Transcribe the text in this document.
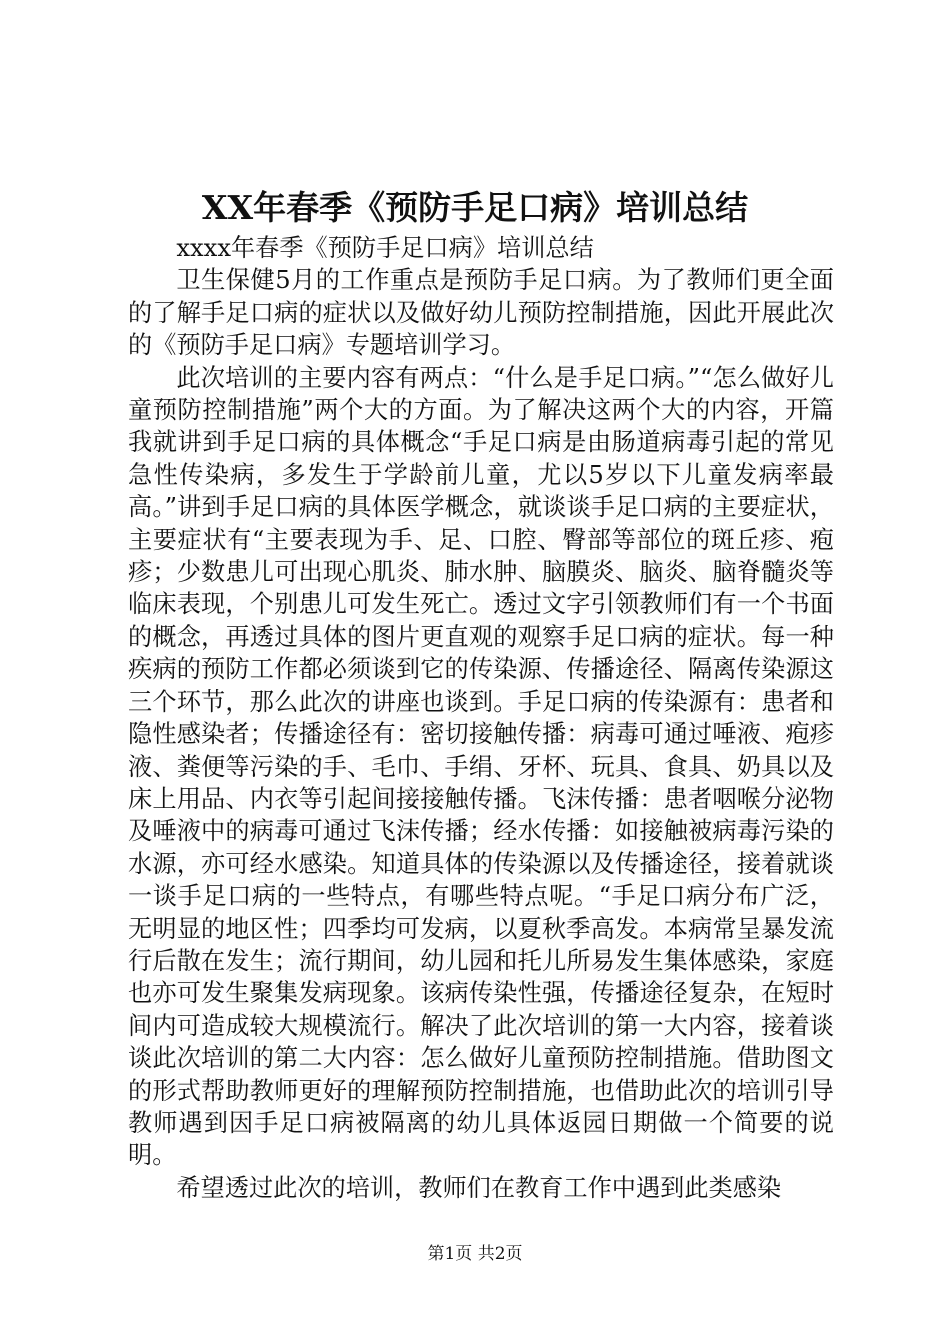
XX年春季《预防手足口病》培训总结

xxxx年春季《预防手足口病》培训总结

卫生保健5月的工作重点是预防手足口病。为了教师们更全面的了解手足口病的症状以及做好幼儿预防控制措施，因此开展此次的《预防手足口病》专题培训学习。

此次培训的主要内容有两点：“什么是手足口病。”“怎么做好儿童预防控制措施”两个大的方面。为了解决这两个大的内容，开篇我就讲到手足口病的具体概念“手足口病是由肠道病毒引起的常见急性传染病，多发生于学龄前儿童，尤以5岁以下儿童发病率最高。”讲到手足口病的具体医学概念，就谈谈手足口病的主要症状，主要症状有“主要表现为手、足、口腔、臀部等部位的斑丘疹、疱疹；少数患儿可出现心肌炎、肺水肿、脑膜炎、脑炎、脑脊髓炎等临床表现，个别患儿可发生死亡。透过文字引领教师们有一个书面的概念，再透过具体的图片更直观的观察手足口病的症状。每一种疾病的预防工作都必须谈到它的传染源、传播途径、隔离传染源这三个环节，那么此次的讲座也谈到。手足口病的传染源有：患者和隐性感染者；传播途径有：密切接触传播：病毒可通过唾液、疱疹液、粪便等污染的手、毛巾、手绢、牙杯、玩具、食具、奶具以及床上用品、内衣等引起间接接触传播。飞沫传播：患者咽喉分泌物及唾液中的病毒可通过飞沫传播；经水传播：如接触被病毒污染的水源，亦可经水感染。知道具体的传染源以及传播途径，接着就谈一谈手足口病的一些特点，有哪些特点呢。“手足口病分布广泛，无明显的地区性；四季均可发病，以夏秋季高发。本病常呈暴发流行后散在发生；流行期间，幼儿园和托儿所易发生集体感染，家庭也亦可发生聚集发病现象。该病传染性强，传播途径复杂，在短时间内可造成较大规模流行。解决了此次培训的第一大内容，接着谈谈此次培训的第二大内容：怎么做好儿童预防控制措施。借助图文的形式帮助教师更好的理解预防控制措施，也借助此次的培训引导教师遇到因手足口病被隔离的幼儿具体返园日期做一个简要的说明。

希望透过此次的培训，教师们在教育工作中遇到此类感染

第1页 共2页
